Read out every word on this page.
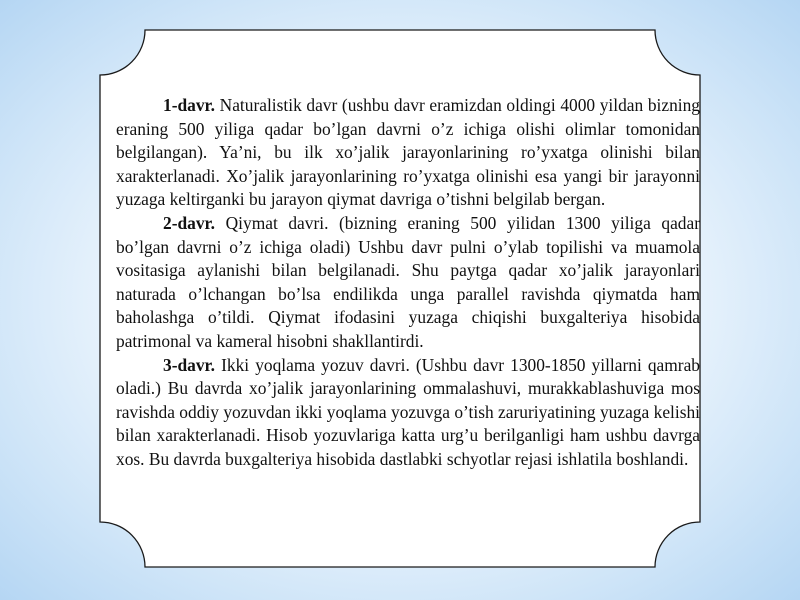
1-davr. Naturalistik davr (ushbu davr eramizdan oldingi 4000 yildan bizning eraning 500 yiliga qadar bo’lgan davrni o’z ichiga olishi olimlar tomonidan belgilangan). Ya’ni, bu ilk xo’jalik jarayonlarining ro’yxatga olinishi bilan xarakterlanadi. Xo’jalik jarayonlarining ro’yxatga olinishi esa yangi bir jarayonni yuzaga keltirganki bu jarayon qiymat davriga o’tishni belgilab bergan.

2-davr. Qiymat davri. (bizning eraning 500 yilidan 1300 yiliga qadar bo’lgan davrni o’z ichiga oladi) Ushbu davr pulni o’ylab topilishi va muamola vositasiga aylanishi bilan belgilanadi. Shu paytga qadar xo’jalik jarayonlari naturada o’lchangan bo’lsa endilikda unga parallel ravishda qiymatda ham baholashga o’tildi. Qiymat ifodasini yuzaga chiqishi buxgalteriya hisobida patrimonal va kameral hisobni shakllantirdi.

3-davr. Ikki yoqlama yozuv davri. (Ushbu davr 1300-1850 yillarni qamrab oladi.) Bu davrda xo’jalik jarayonlarining ommalashuvi, murakkablashuviga mos ravishda oddiy yozuvdan ikki yoqlama yozuvga o’tish zaruriyatining yuzaga kelishi bilan xarakterlanadi. Hisob yozuvlariga katta urg’u berilganligi ham ushbu davrga xos. Bu davrda buxgalteriya hisobida dastlabki schyotlar rejasi ishlatila boshlandi.
